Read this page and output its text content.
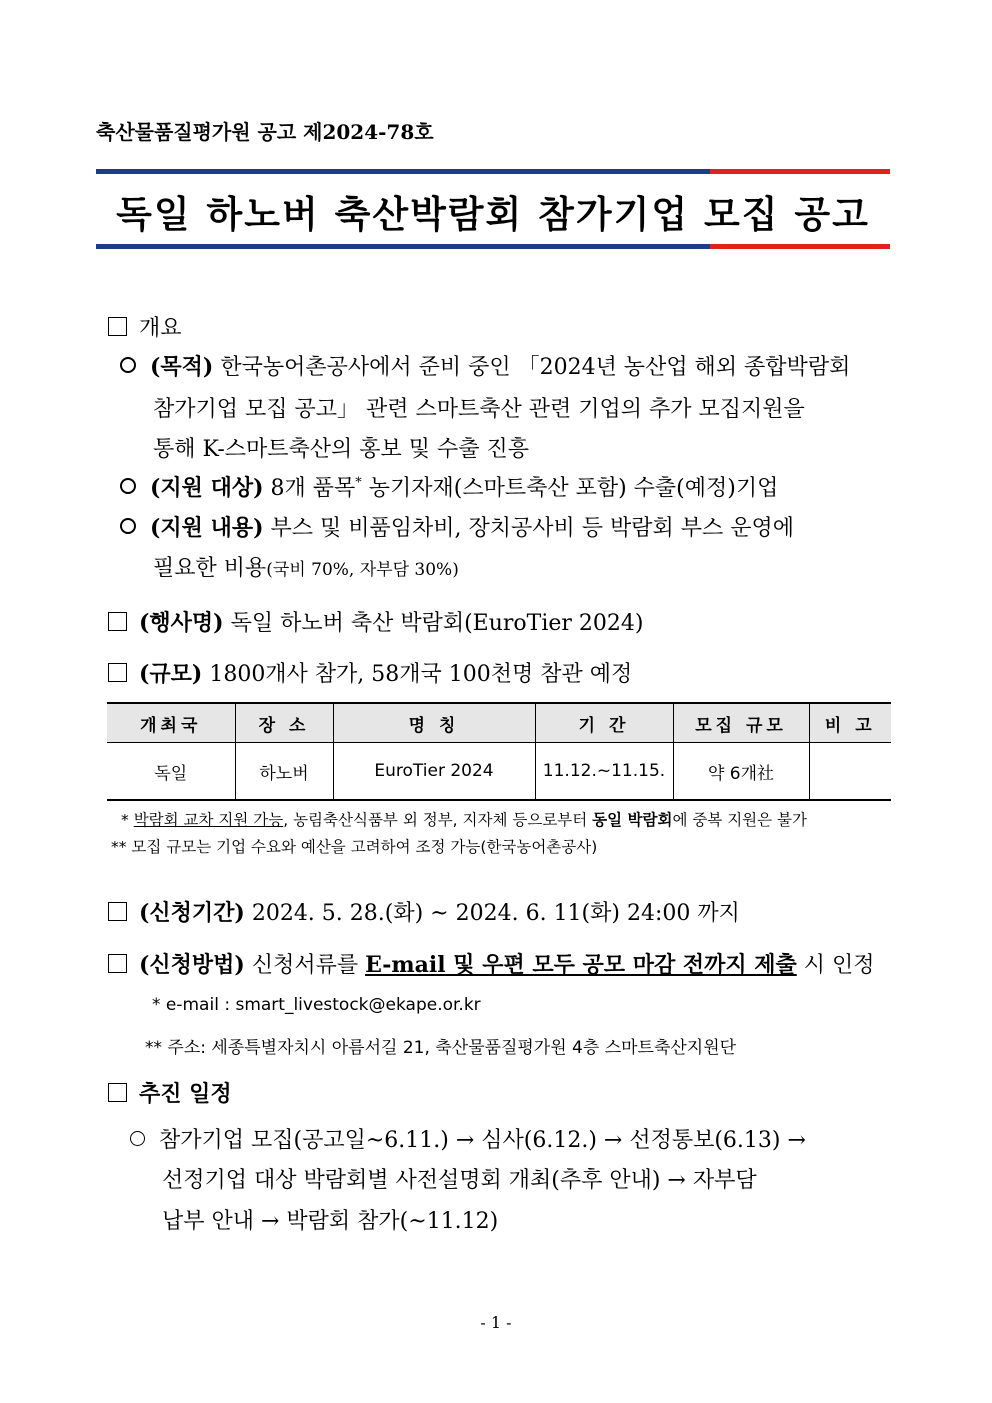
축산물품질평가원 공고 제2024-78호
독일 하노버 축산박람회 참가기업 모집 공고
개요
(목적) 한국농어촌공사에서 준비 중인 「2024년 농산업 해외 종합박람회
참가기업 모집 공고」 관련 스마트축산 관련 기업의 추가 모집지원을
통해 K-스마트축산의 홍보 및 수출 진흥
(지원 대상) 8개 품목* 농기자재(스마트축산 포함) 수출(예정)기업
(지원 내용) 부스 및 비품임차비, 장치공사비 등 박람회 부스 운영에
필요한 비용(국비 70%, 자부담 30%)
(행사명) 독일 하노버 축산 박람회(EuroTier 2024)
(규모) 1800개사 참가, 58개국 100천명 참관 예정
개최국	장 소	명 칭	기 간	모집 규모	비 고
독일	하노버	EuroTier 2024	11.12.~11.15.	약 6개社	
* 박람회 교차 지원 가능, 농림축산식품부 외 정부, 지자체 등으로부터 동일 박람회에 중복 지원은 불가
** 모집 규모는 기업 수요와 예산을 고려하여 조정 가능(한국농어촌공사)
(신청기간) 2024. 5. 28.(화) ~ 2024. 6. 11(화) 24:00 까지
(신청방법) 신청서류를 E-mail 및 우편 모두 공모 마감 전까지 제출 시 인정
* e-mail : smart_livestock@ekape.or.kr
** 주소: 세종특별자치시 아름서길 21, 축산물품질평가원 4층 스마트축산지원단
추진 일정
참가기업 모집(공고일~6.11.) → 심사(6.12.) → 선정통보(6.13) →
선정기업 대상 박람회별 사전설명회 개최(추후 안내) → 자부담
납부 안내 → 박람회 참가(~11.12)
- 1 -
